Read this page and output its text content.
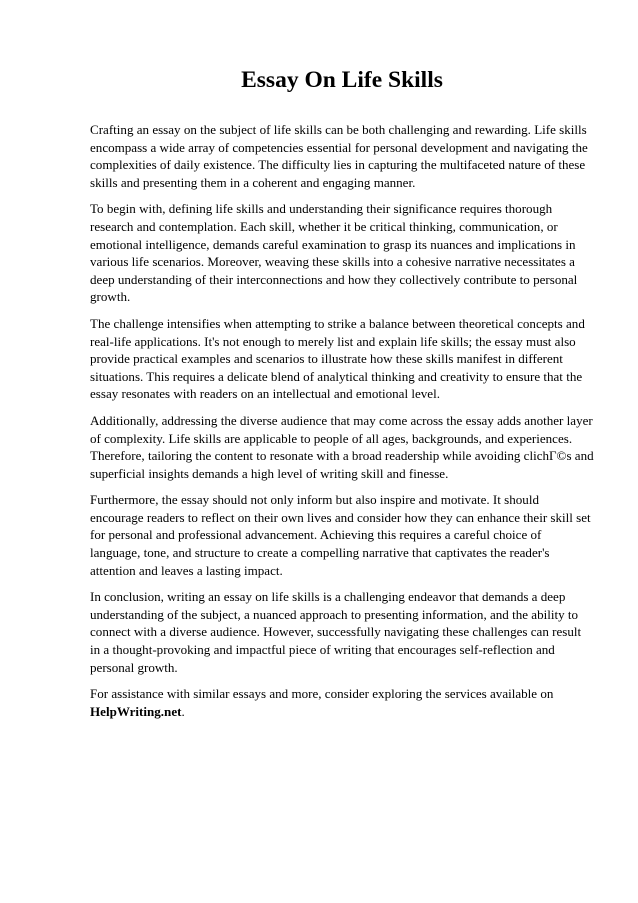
Essay On Life Skills

Crafting an essay on the subject of life skills can be both challenging and rewarding. Life skills encompass a wide array of competencies essential for personal development and navigating the complexities of daily existence. The difficulty lies in capturing the multifaceted nature of these skills and presenting them in a coherent and engaging manner.

To begin with, defining life skills and understanding their significance requires thorough research and contemplation. Each skill, whether it be critical thinking, communication, or emotional intelligence, demands careful examination to grasp its nuances and implications in various life scenarios. Moreover, weaving these skills into a cohesive narrative necessitates a deep understanding of their interconnections and how they collectively contribute to personal growth.

The challenge intensifies when attempting to strike a balance between theoretical concepts and real-life applications. It's not enough to merely list and explain life skills; the essay must also provide practical examples and scenarios to illustrate how these skills manifest in different situations. This requires a delicate blend of analytical thinking and creativity to ensure that the essay resonates with readers on an intellectual and emotional level.

Additionally, addressing the diverse audience that may come across the essay adds another layer of complexity. Life skills are applicable to people of all ages, backgrounds, and experiences. Therefore, tailoring the content to resonate with a broad readership while avoiding clichГ©s and superficial insights demands a high level of writing skill and finesse.

Furthermore, the essay should not only inform but also inspire and motivate. It should encourage readers to reflect on their own lives and consider how they can enhance their skill set for personal and professional advancement. Achieving this requires a careful choice of language, tone, and structure to create a compelling narrative that captivates the reader's attention and leaves a lasting impact.

In conclusion, writing an essay on life skills is a challenging endeavor that demands a deep understanding of the subject, a nuanced approach to presenting information, and the ability to connect with a diverse audience. However, successfully navigating these challenges can result in a thought-provoking and impactful piece of writing that encourages self-reflection and personal growth.

For assistance with similar essays and more, consider exploring the services available on
HelpWriting.net.
